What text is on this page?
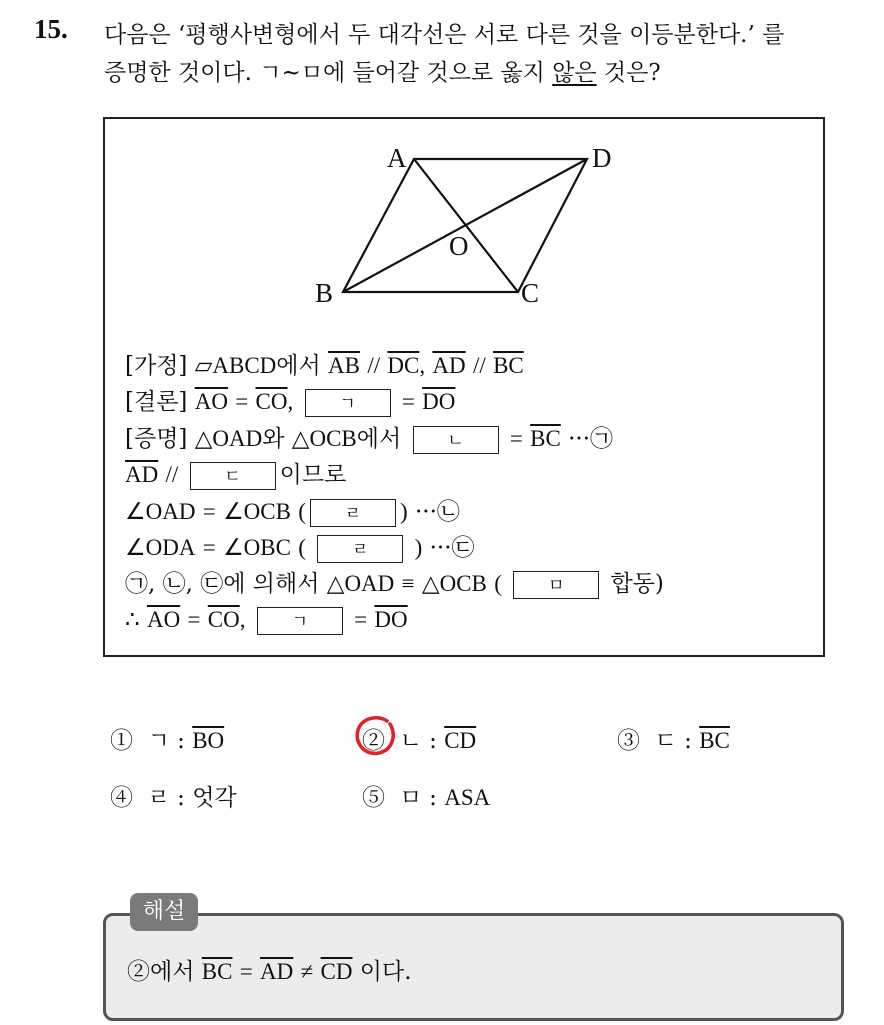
15. 다음은 ‘평행사변형에서 두 대각선은 서로 다른 것을 이등분한다.’ 를
증명한 것이다. ㄱ~ㅁ에 들어갈 것으로 옳지 않은 것은?
A	D
O
B	C
[가정] ▱ABCD에서 $\overline{AB} // \overline{DC}$, $\overline{AD} // \overline{BC}$
[결론] $\overline{AO} = \overline{CO}$,	ㄱ = $\overline{DO}$
[증명] △OAD와 △OCB에서	ㄴ = $\overline{BC}$ ···㉠
$\overline{AD}$ //	ㄷ 이므로
∠OAD = ∠OCB ( ㄹ ) ···㉡
∠ODA = ∠OBC (	ㄹ ) ···㉢
㉠, ㉡, ㉢에 의해서 △OAD ≡ △OCB (	ㅁ 합동)
∴ $\overline{AO} = \overline{CO}$,	ㄱ = $\overline{DO}$
① ㄱ : $\overline{BO}$	② ㄴ : $\overline{CD}$	③ ㄷ : $\overline{BC}$
④ ㄹ : 엇각	⑤ ㅁ : ASA
해설
②에서 $\overline{BC} = \overline{AD} \ne \overline{CD}$ 이다.
